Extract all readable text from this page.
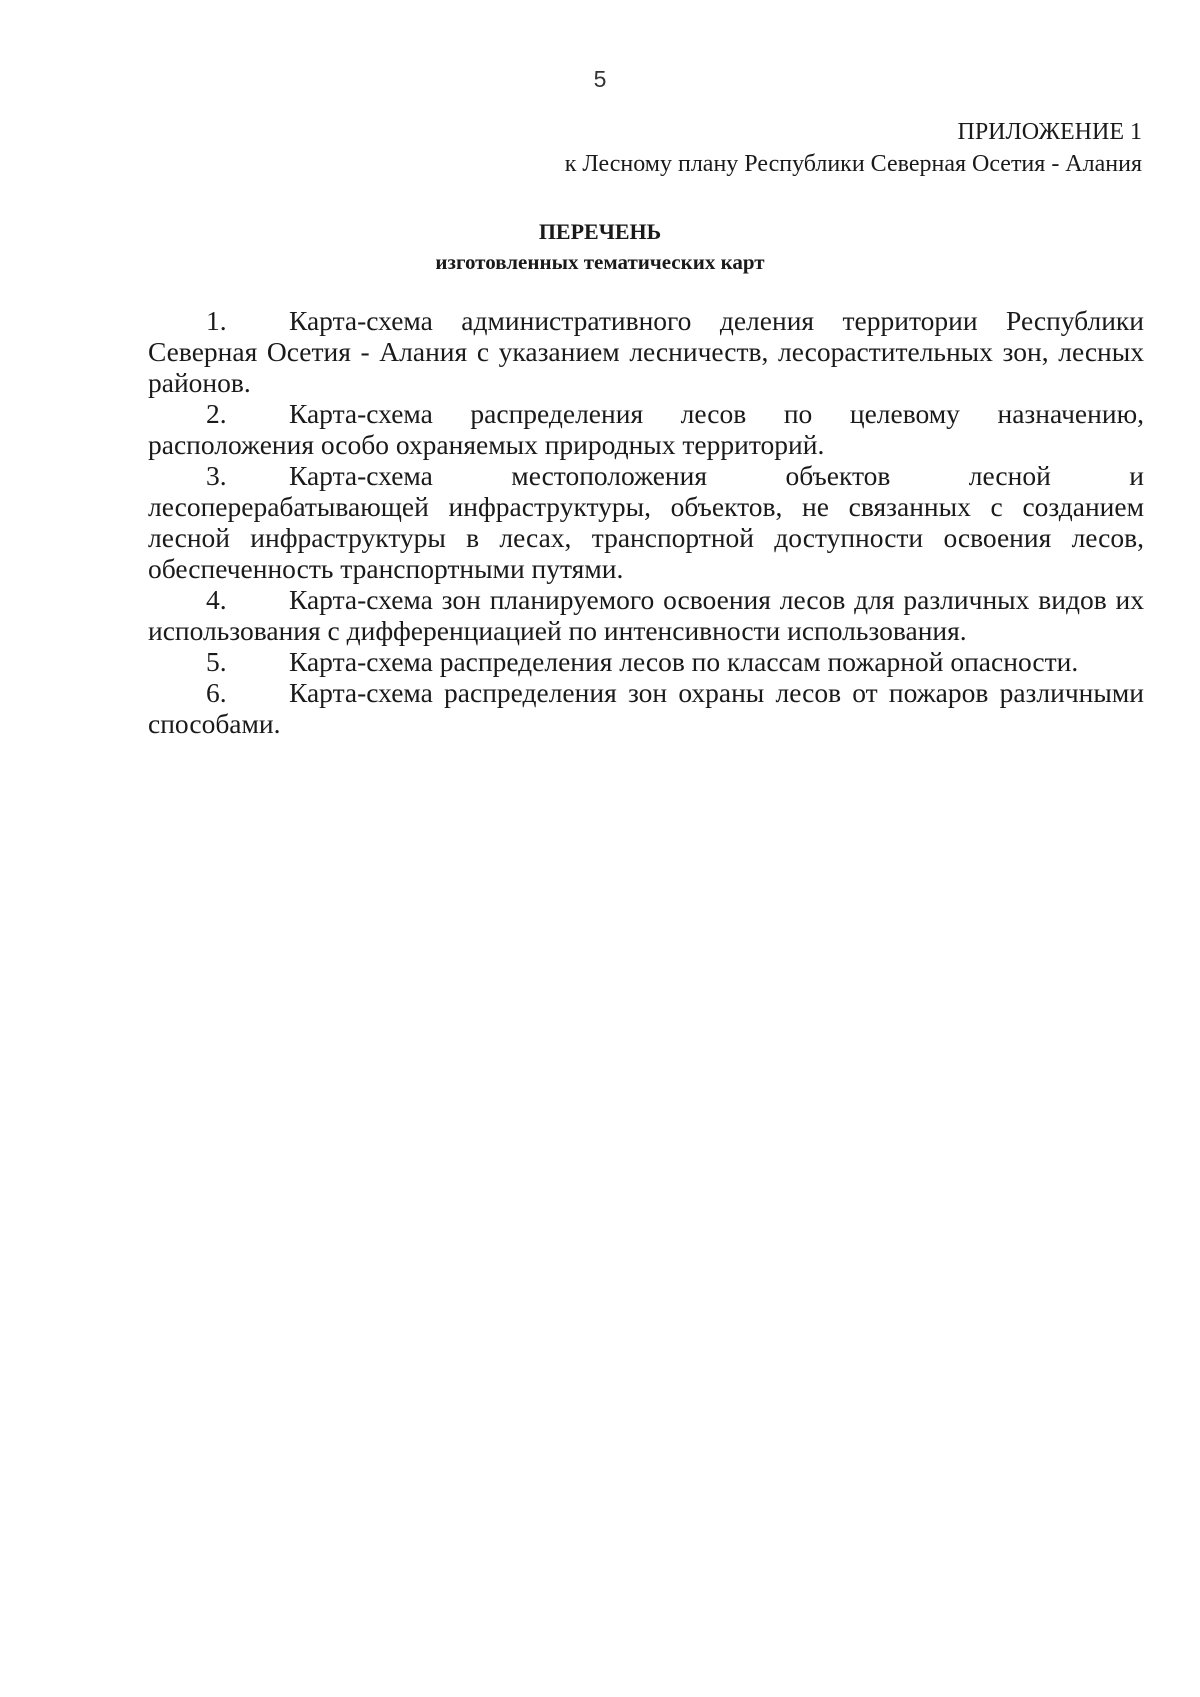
5
ПРИЛОЖЕНИЕ 1
к Лесному плану Республики Северная Осетия - Алания
ПЕРЕЧЕНЬ
изготовленных тематических карт

1. Карта-схема административного деления территории Республики Северная Осетия - Алания с указанием лесничеств, лесорастительных зон, лесных районов.

2. Карта-схема распределения лесов по целевому назначению, расположения особо охраняемых природных территорий.

3. Карта-схема местоположения объектов лесной и лесоперерабатывающей инфраструктуры, объектов, не связанных с созданием лесной инфраструктуры в лесах, транспортной доступности освоения лесов, обеспеченность транспортными путями.

4. Карта-схема зон планируемого освоения лесов для различных видов их использования с дифференциацией по интенсивности использования.

5. Карта-схема распределения лесов по классам пожарной опасности.

6. Карта-схема распределения зон охраны лесов от пожаров различными способами.
